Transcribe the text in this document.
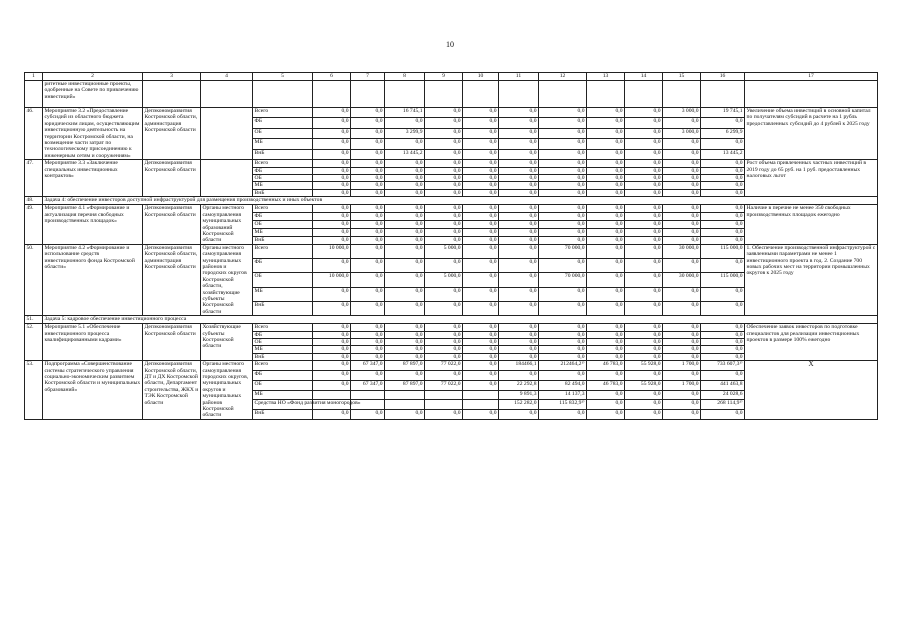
10
1	2	3	4	5	6	7	8	9	10	11	12	13	14	15	16	17
	ритетные инвестиционные проекты, одобренные на Совете по привлечению инвестиций»															
46.	Мероприятие 3.2 «Предоставление субсидий из областного бюджета юридическим лицам, осуществляющим инвестиционную деятельность на территории Костромской области, на возмещение части затрат по технологическому присоединению к инженерным сетям и сооружениям»	Депэкономразвития Костромской области, администрация Костромской области		Всего	0,0	0,0	16 745,1	0,0	0,0	0,0	0,0	0,0	0,0	3 000,0	19 745,1	Увеличение объема инвестиций в основной капитал по получателям субсидий в расчете на 1 рубль предоставленных субсидий до 4 рублей к 2025 году
				ФБ	0,0	0,0	0,0	0,0	0,0	0,0	0,0	0,0	0,0	0,0	0,0	
				ОБ	0,0	0,0	3 299,9	0,0	0,0	0,0	0,0	0,0	0,0	3 000,0	6 299,9	
				МБ	0,0	0,0	0,0	0,0	0,0	0,0	0,0	0,0	0,0	0,0	0,0	
				ВнБ	0,0	0,0	13 445,2	0,0	0,0	0,0	0,0	0,0	0,0	0,0	13 445,2	
47.	Мероприятие 3.3 «Заключение специальных инвестиционных контрактов»	Депэкономразвития Костромской области		Всего	0,0	0,0	0,0	0,0	0,0	0,0	0,0	0,0	0,0	0,0	0,0	Рост объема привлеченных частных инвестиций в 2019 году до 65 руб. на 1 руб. предоставленных налоговых льгот
				ФБ	0,0	0,0	0,0	0,0	0,0	0,0	0,0	0,0	0,0	0,0	0,0	
				ОБ	0,0	0,0	0,0	0,0	0,0	0,0	0,0	0,0	0,0	0,0	0,0	
				МБ	0,0	0,0	0,0	0,0	0,0	0,0	0,0	0,0	0,0	0,0	0,0	
				ВнБ	0,0	0,0	0,0	0,0	0,0	0,0	0,0	0,0	0,0	0,0	0,0	
48.	Задача 4: обеспечение инвесторов доступной инфраструктурой для размещения производственных и иных объектов															
49.	Мероприятие 4.1 «Формирование и актуализация перечня свободных производственных площадок»	Депэкономразвития Костромской области	Органы местного самоуправления муниципальных образований Костромской области	Всего	0,0	0,0	0,0	0,0	0,0	0,0	0,0	0,0	0,0	0,0	0,0	Наличие в перечне не менее 350 свободных производственных площадок ежегодно
				ФБ	0,0	0,0	0,0	0,0	0,0	0,0	0,0	0,0	0,0	0,0	0,0	
				ОБ	0,0	0,0	0,0	0,0	0,0	0,0	0,0	0,0	0,0	0,0	0,0	
				МБ	0,0	0,0	0,0	0,0	0,0	0,0	0,0	0,0	0,0	0,0	0,0	
				ВнБ	0,0	0,0	0,0	0,0	0,0	0,0	0,0	0,0	0,0	0,0	0,0	
50.	Мероприятие 4.2 «Формирование и использование средств инвестиционного фонда Костромской области»	Депэкономразвития Костромской области, администрация Костромской области	Органы местного самоуправления муниципальных районов и городских округов Костромской области, хозяйствующие субъекты Костромской области	Всего	10 000,0	0,0	0,0	5 000,0	0,0	0,0	70 000,0	0,0	0,0	30 000,0	115 000,0	1. Обеспечение производственной инфраструктурой с заявленными параметрами не менее 1 инвестиционного проекта в год. 2. Создание 700 новых рабочих мест на территории промышленных округов к 2025 году
				ФБ	0,0	0,0	0,0	0,0	0,0	0,0	0,0	0,0	0,0	0,0	0,0	
				ОБ	10 000,0	0,0	0,0	5 000,0	0,0	0,0	70 000,0	0,0	0,0	30 000,0	115 000,0	
				МБ	0,0	0,0	0,0	0,0	0,0	0,0	0,0	0,0	0,0	0,0	0,0	
				ВнБ	0,0	0,0	0,0	0,0	0,0	0,0	0,0	0,0	0,0	0,0	0,0	
51.	Задача 5: кадровое обеспечение инвестиционного процесса															
52.	Мероприятие 5.1 «Обеспечение инвестиционного процесса квалифицированными кадрами»	Депэкономразвития Костромской области	Хозяйствующие субъекты Костромской области	Всего	0,0	0,0	0,0	0,0	0,0	0,0	0,0	0,0	0,0	0,0	0,0	Обеспечение заявок инвесторов по подготовке специалистов для реализации инвестиционных проектов в размере 100% ежегодно
				ФБ	0,0	0,0	0,0	0,0	0,0	0,0	0,0	0,0	0,0	0,0	0,0	
				ОБ	0,0	0,0	0,0	0,0	0,0	0,0	0,0	0,0	0,0	0,0	0,0	
				МБ	0,0	0,0	0,0	0,0	0,0	0,0	0,0	0,0	0,0	0,0	0,0	
				ВнБ	0,0	0,0	0,0	0,0	0,0	0,0	0,0	0,0	0,0	0,0	0,0	
53.	Подпрограмма «Совершенствование системы стратегического управления социально-экономическим развитием Костромской области и муниципальных образований»	Депэкономразвития Костромской области, ДТ и ДХ Костромской области, Департамент строительства, ЖКХ и ТЭК Костромской области	Органы местного самоуправления городских округов, муниципальных округов и муниципальных районов Костромской области	Всего	0,0	67 347,0	87 897,0	77 022,0	0,0	184466,1	212464,2¹⁾	46 783,0	55 928,0	1 700,0	733 607,3¹⁾	X
				ФБ	0,0	0,0	0,0	0,0	0,0	0,0	0,0	0,0	0,0	0,0	0,0	
				ОБ	0,0	67 347,0	87 897,0	77 022,0	0,0	22 292,8	82 494,0	46 783,0	55 928,0	1 700,0	441 463,8	
				МБ						9 891,3	14 137,3	0,0	0,0	0,0	24 028,6	
				Средства НО «Фонд развития моногородов»						152 282,0	115 832,9¹⁾	0,0	0,0	0,0	268 114,9¹⁾	
				ВнБ	0,0	0,0	0,0	0,0	0,0	0,0	0,0	0,0	0,0	0,0	0,0	
